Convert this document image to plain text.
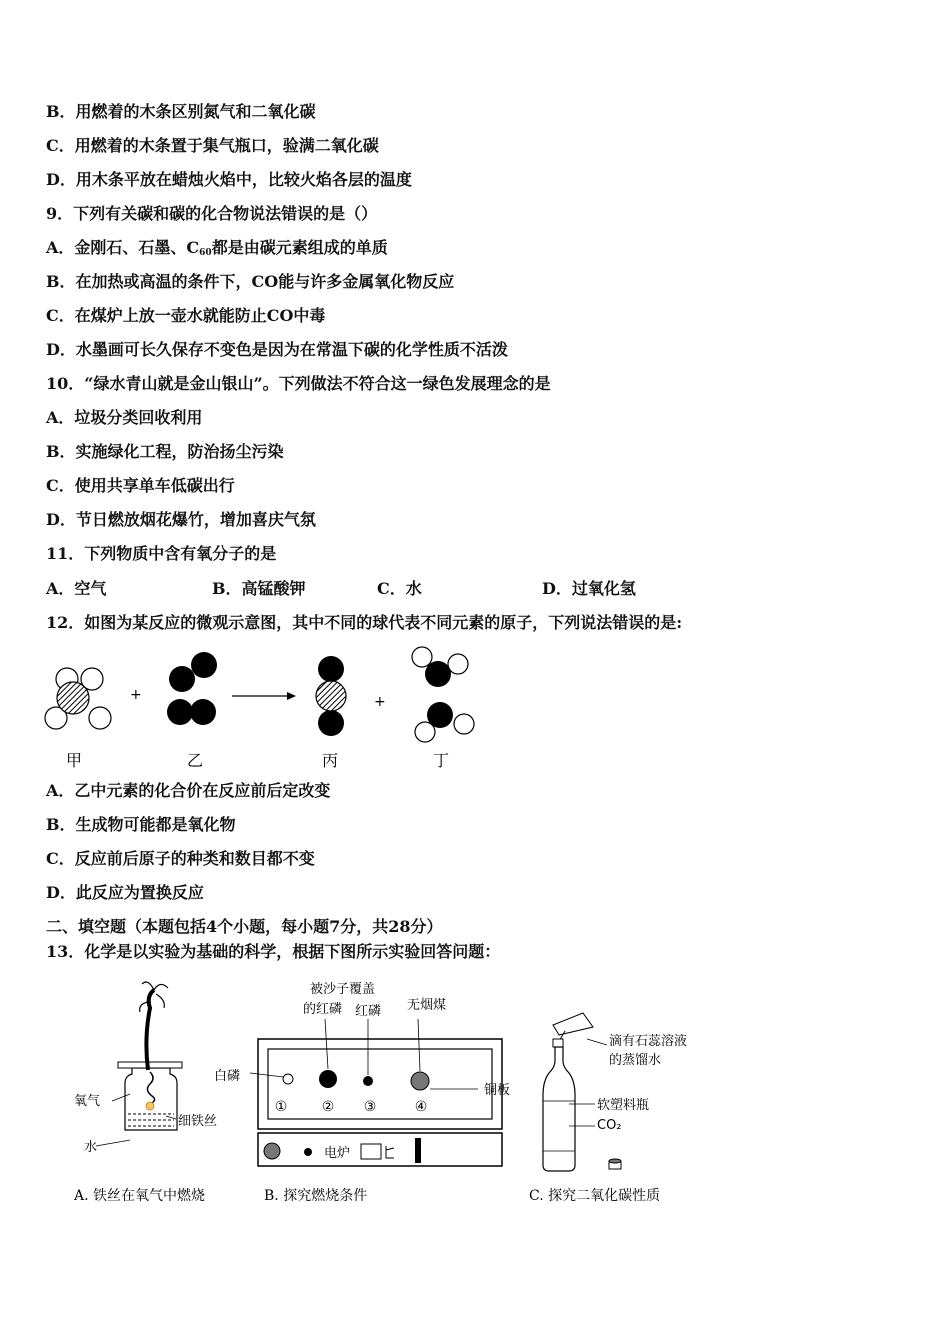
B．用燃着的木条区别氮气和二氧化碳
C．用燃着的木条置于集气瓶口，验满二氧化碳
D．用木条平放在蜡烛火焰中，比较火焰各层的温度
9．下列有关碳和碳的化合物说法错误的是（）
A．金刚石、石墨、$C_{60}$都是由碳元素组成的单质
B．在加热或高温的条件下，CO能与许多金属氧化物反应
C．在煤炉上放一壶水就能防止CO中毒
D．水墨画可长久保存不变色是因为在常温下碳的化学性质不活泼
10．“绿水青山就是金山银山”。下列做法不符合这一绿色发展理念的是
A．垃圾分类回收利用
B．实施绿化工程，防治扬尘污染
C．使用共享单车低碳出行
D．节日燃放烟花爆竹，增加喜庆气氛
11．下列物质中含有氧分子的是
A．空气	B．高锰酸钾	C．水	D．过氧化氢
12．如图为某反应的微观示意图，其中不同的球代表不同元素的原子，下列说法错误的是:
+	+
甲	乙	丙	丁
A．乙中元素的化合价在反应前后定改变
B．生成物可能都是氧化物
C．反应前后原子的种类和数目都不变
D．此反应为置换反应
二、填空题（本题包括4个小题，每小题7分，共28分）
13．化学是以实验为基础的科学，根据下图所示实验回答问题：
氧气
细铁丝
水
A. 铁丝在氧气中燃烧
被沙子覆盖
的红磷 红磷 无烟煤
白磷
铜板
① ② ③	④
电炉
B. 探究燃烧条件
滴有石蕊溶液
的蒸馏水
软塑料瓶
CO₂
C. 探究二氧化碳性质
